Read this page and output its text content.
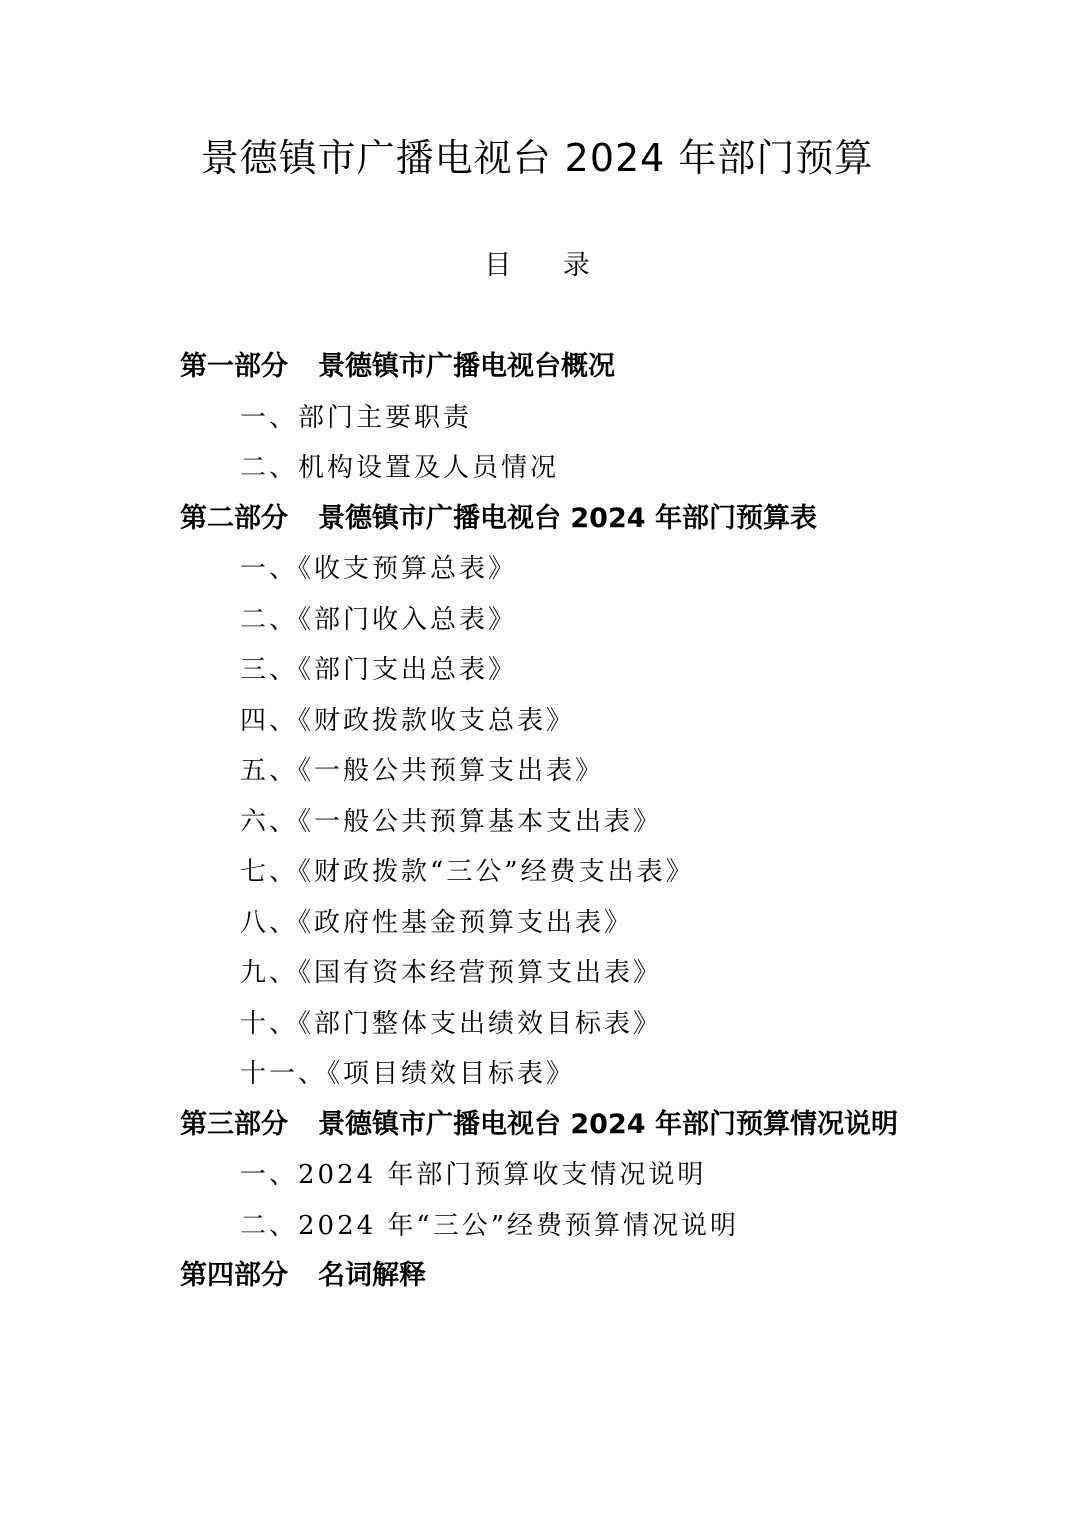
景德镇市广播电视台 2024 年部门预算
目      录
第一部分 景德镇市广播电视台概况
一、部门主要职责
二、机构设置及人员情况
第二部分 景德镇市广播电视台 2024 年部门预算表
一、《收支预算总表》
二、《部门收入总表》
三、《部门支出总表》
四、《财政拨款收支总表》
五、《一般公共预算支出表》
六、《一般公共预算基本支出表》
七、《财政拨款“三公”经费支出表》
八、《政府性基金预算支出表》
九、《国有资本经营预算支出表》
十、《部门整体支出绩效目标表》
十一、《项目绩效目标表》
第三部分 景德镇市广播电视台 2024 年部门预算情况说明
一、2024 年部门预算收支情况说明
二、2024 年“三公”经费预算情况说明
第四部分 名词解释
